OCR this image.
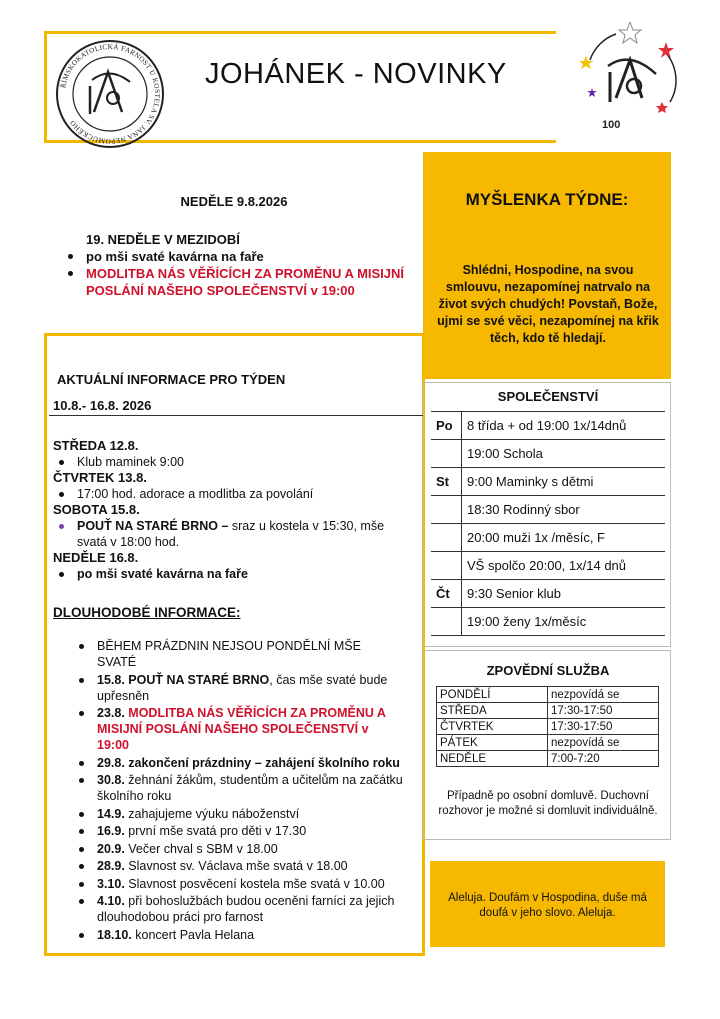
JOHÁNEK - NOVINKY
ŘÍMSKOKATOLICKÁ FARNOST U KOSTELA SV. JANA NEPOMUCKÉHO	100
NEDĚLE 9.8.2026
19. NEDĚLE V MEZIDOBÍ
po mši svaté kavárna na faře
MODLITBA NÁS VĚŘÍCÍCH ZA PROMĚNU A MISIJNÍ POSLÁNÍ NAŠEHO SPOLEČENSTVÍ v 19:00
MYŠLENKA TÝDNE:
Shlédni, Hospodine, na svou smlouvu, nezapomínej natrvalo na život svých chudých! Povstaň, Bože, ujmi se své věci, nezapomínej na křik těch, kdo tě hledají.
AKTUÁLNÍ INFORMACE PRO TÝDEN
10.8.- 16.8. 2026
STŘEDA 12.8.
Klub maminek 9:00
ČTVRTEK 13.8.
17:00 hod. adorace a modlitba za povolání
SOBOTA 15.8.
POUŤ NA STARÉ BRNO – sraz u kostela v 15:30, mše svatá v 18:00 hod.
NEDĚLE 16.8.
po mši svaté kavárna na faře
DLOUHODOBÉ INFORMACE:
BĚHEM PRÁZDNIN NEJSOU PONDĚLNÍ MŠE SVATÉ
15.8. POUŤ NA STARÉ BRNO, čas mše svaté bude upřesněn
23.8. MODLITBA NÁS VĚŘÍCÍCH ZA PROMĚNU A MISIJNÍ POSLÁNÍ NAŠEHO SPOLEČENSTVÍ v 19:00
29.8. zakončení prázdniny – zahájení školního roku
30.8. žehnání žákům, studentům a učitelům na začátku školního roku
14.9. zahajujeme výuku náboženství
16.9. první mše svatá pro děti v 17.30
20.9. Večer chval s SBM v 18.00
28.9. Slavnost sv. Václava mše svatá v 18.00
3.10. Slavnost posvěcení kostela mše svatá v 10.00
4.10. při bohoslužbách budou oceněni farníci za jejich dlouhodobou práci pro farnost
18.10. koncert Pavla Helana
SPOLEČENSTVÍ
Po	8 třída + od 19:00 1x/14dnů
	19:00 Schola
St	9:00 Maminky s dětmi
	18:30 Rodinný sbor
	20:00 muži 1x /měsíc, F
	VŠ spolčo 20:00, 1x/14 dnů
Čt	9:30 Senior klub
	19:00 ženy 1x/měsíc
ZPOVĚDNÍ SLUŽBA
PONDĚLÍ	nezpovídá se
STŘEDA	17:30-17:50
ČTVRTEK	17:30-17:50
PÁTEK	nezpovídá se
NEDĚLE	7:00-7:20
Případně po osobní domluvě. Duchovní rozhovor je možné si domluvit individuálně.
Aleluja. Doufám v Hospodina, duše má doufá v jeho slovo. Aleluja.
